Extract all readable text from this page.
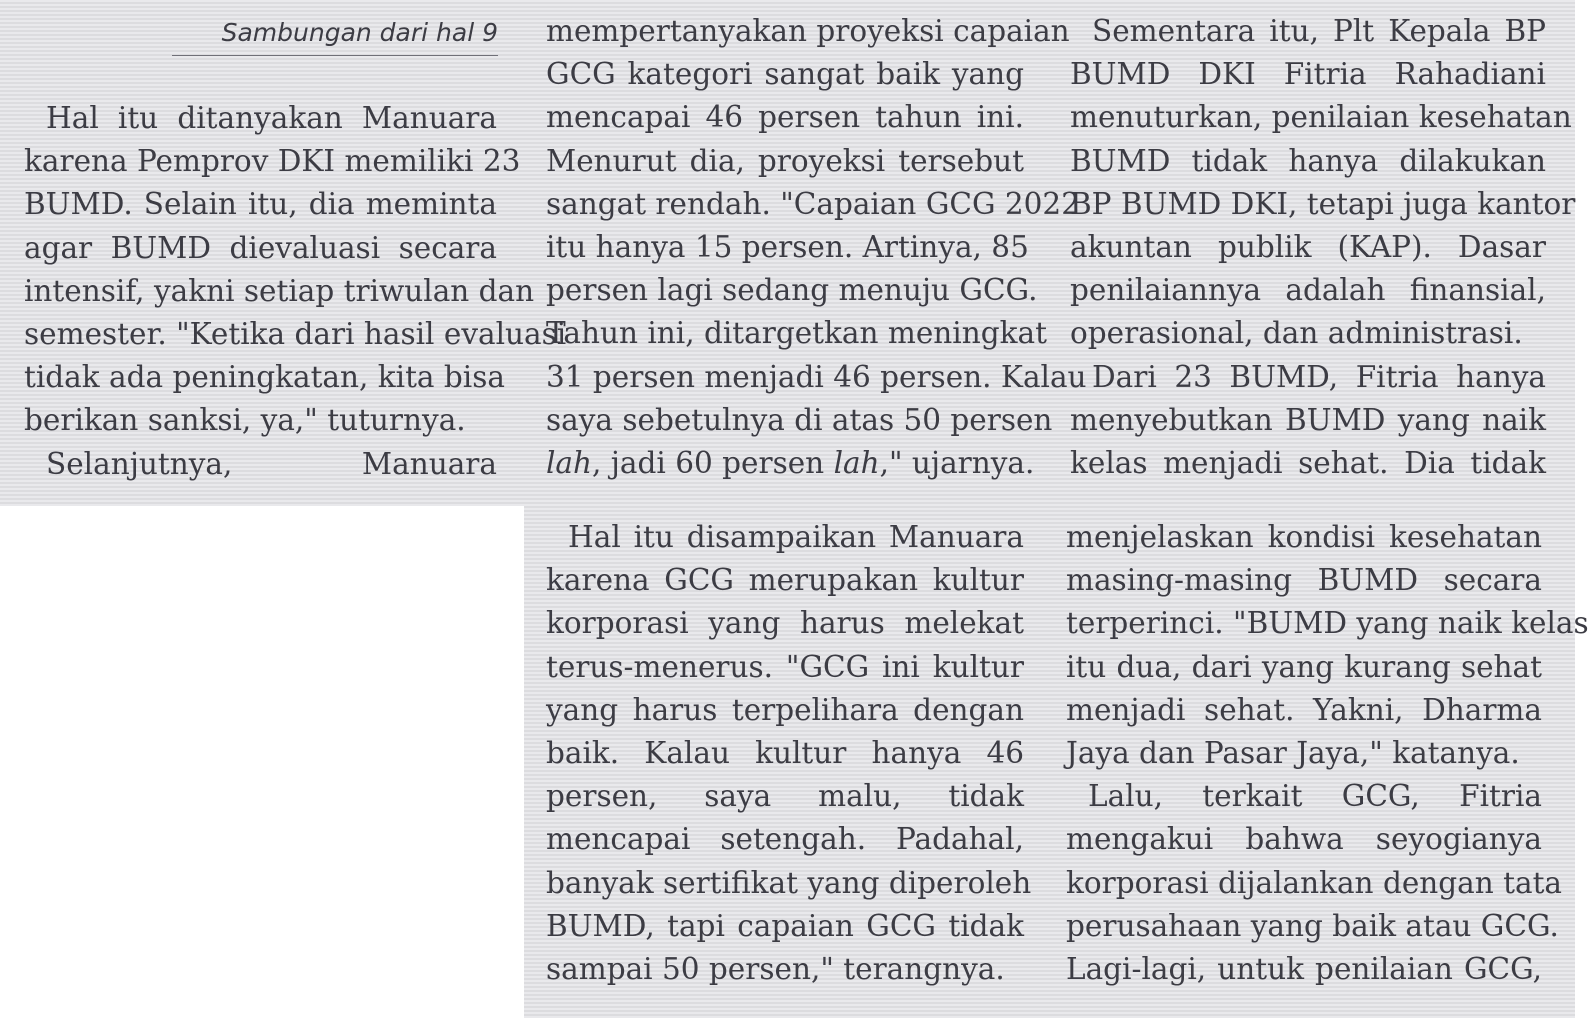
Sambungan dari hal 9
Hal itu ditanyakan Manuara
karena Pemprov DKI memiliki 23
BUMD. Selain itu, dia meminta
agar BUMD dievaluasi secara
intensif, yakni setiap triwulan dan
semester. "Ketika dari hasil evaluasi
tidak ada peningkatan, kita bisa
berikan sanksi, ya," tuturnya.
Selanjutnya, Manuara
mempertanyakan proyeksi capaian
GCG kategori sangat baik yang
mencapai 46 persen tahun ini.
Menurut dia, proyeksi tersebut
sangat rendah. "Capaian GCG 2022
itu hanya 15 persen. Artinya, 85
persen lagi sedang menuju GCG.
Tahun ini, ditargetkan meningkat
31 persen menjadi 46 persen. Kalau
saya sebetulnya di atas 50 persen
lah, jadi 60 persen lah," ujarnya.
Sementara itu, Plt Kepala BP
BUMD DKI Fitria Rahadiani
menuturkan, penilaian kesehatan
BUMD tidak hanya dilakukan
BP BUMD DKI, tetapi juga kantor
akuntan publik (KAP). Dasar
penilaiannya adalah finansial,
operasional, dan administrasi.
Dari 23 BUMD, Fitria hanya
menyebutkan BUMD yang naik
kelas menjadi sehat. Dia tidak
Hal itu disampaikan Manuara
karena GCG merupakan kultur
korporasi yang harus melekat
terus-menerus. "GCG ini kultur
yang harus terpelihara dengan
baik. Kalau kultur hanya 46
persen, saya malu, tidak
mencapai setengah. Padahal,
banyak sertifikat yang diperoleh
BUMD, tapi capaian GCG tidak
sampai 50 persen," terangnya.
menjelaskan kondisi kesehatan
masing-masing BUMD secara
terperinci. "BUMD yang naik kelas
itu dua, dari yang kurang sehat
menjadi sehat. Yakni, Dharma
Jaya dan Pasar Jaya," katanya.
Lalu, terkait GCG, Fitria
mengakui bahwa seyogianya
korporasi dijalankan dengan tata
perusahaan yang baik atau GCG.
Lagi-lagi, untuk penilaian GCG,
